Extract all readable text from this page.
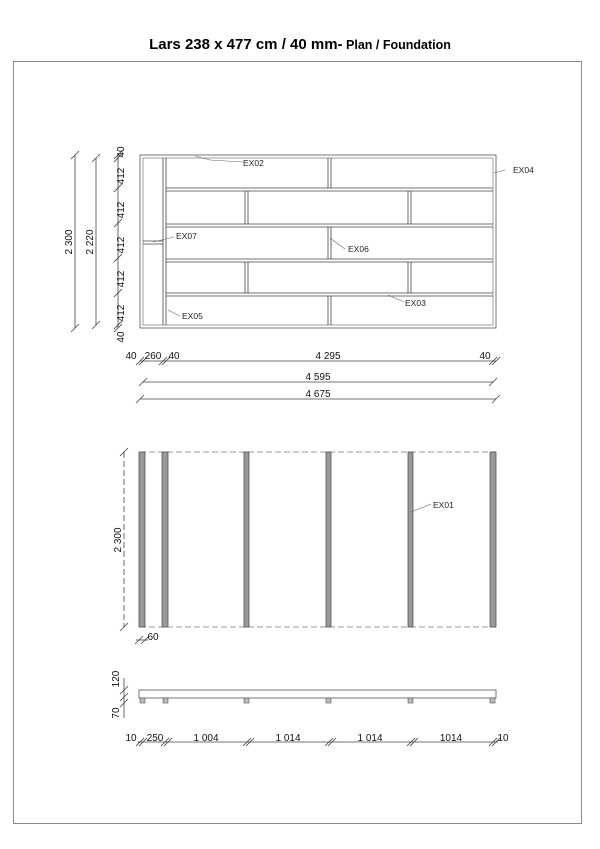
Lars 238 x 477 cm / 40 mm- Plan / Foundation
40
412
412
412
412
412
40
2 300 2 220
40 260 40	4 295	40
4 595
4 675
EX02
EX04
EX07
EX06
EX03
EX05
2 300
60
EX01
120
70
10 250	1 004	1 014	1 014	1014	10
